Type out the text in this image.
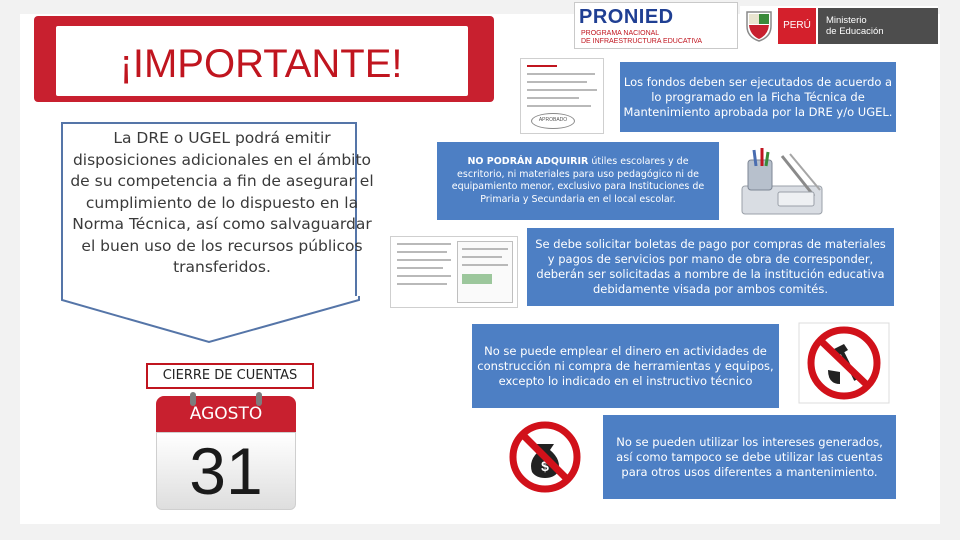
¡IMPORTANTE!
La DRE o UGEL podrá emitir disposiciones adicionales en el ámbito de su competencia a fin de asegurar el cumplimiento de lo dispuesto en la Norma Técnica, así como salvaguardar el buen uso de los recursos públicos transferidos.
CIERRE DE CUENTAS
AGOSTO
31
PRONIED
PROGRAMA NACIONAL
DE INFRAESTRUCTURA EDUCATIVA
PERÚ	Ministerio
de Educación
APROBADO
$
Los fondos deben ser ejecutados de acuerdo a lo programado en la Ficha Técnica de Mantenimiento aprobada por la DRE y/o UGEL.
NO PODRÁN ADQUIRIR útiles escolares y de escritorio, ni materiales para uso pedagógico ni de equipamiento menor, exclusivo para Instituciones de Primaria y Secundaria en el local escolar.
Se debe solicitar boletas de pago por compras de materiales y pagos de servicios por mano de obra de corresponder, deberán ser solicitadas a nombre de la institución educativa debidamente visada por ambos comités.
No se puede emplear el dinero en actividades de construcción ni compra de herramientas y equipos, excepto lo indicado en el instructivo técnico
No se pueden utilizar los intereses generados, así como tampoco se debe utilizar las cuentas para otros usos diferentes a mantenimiento.
